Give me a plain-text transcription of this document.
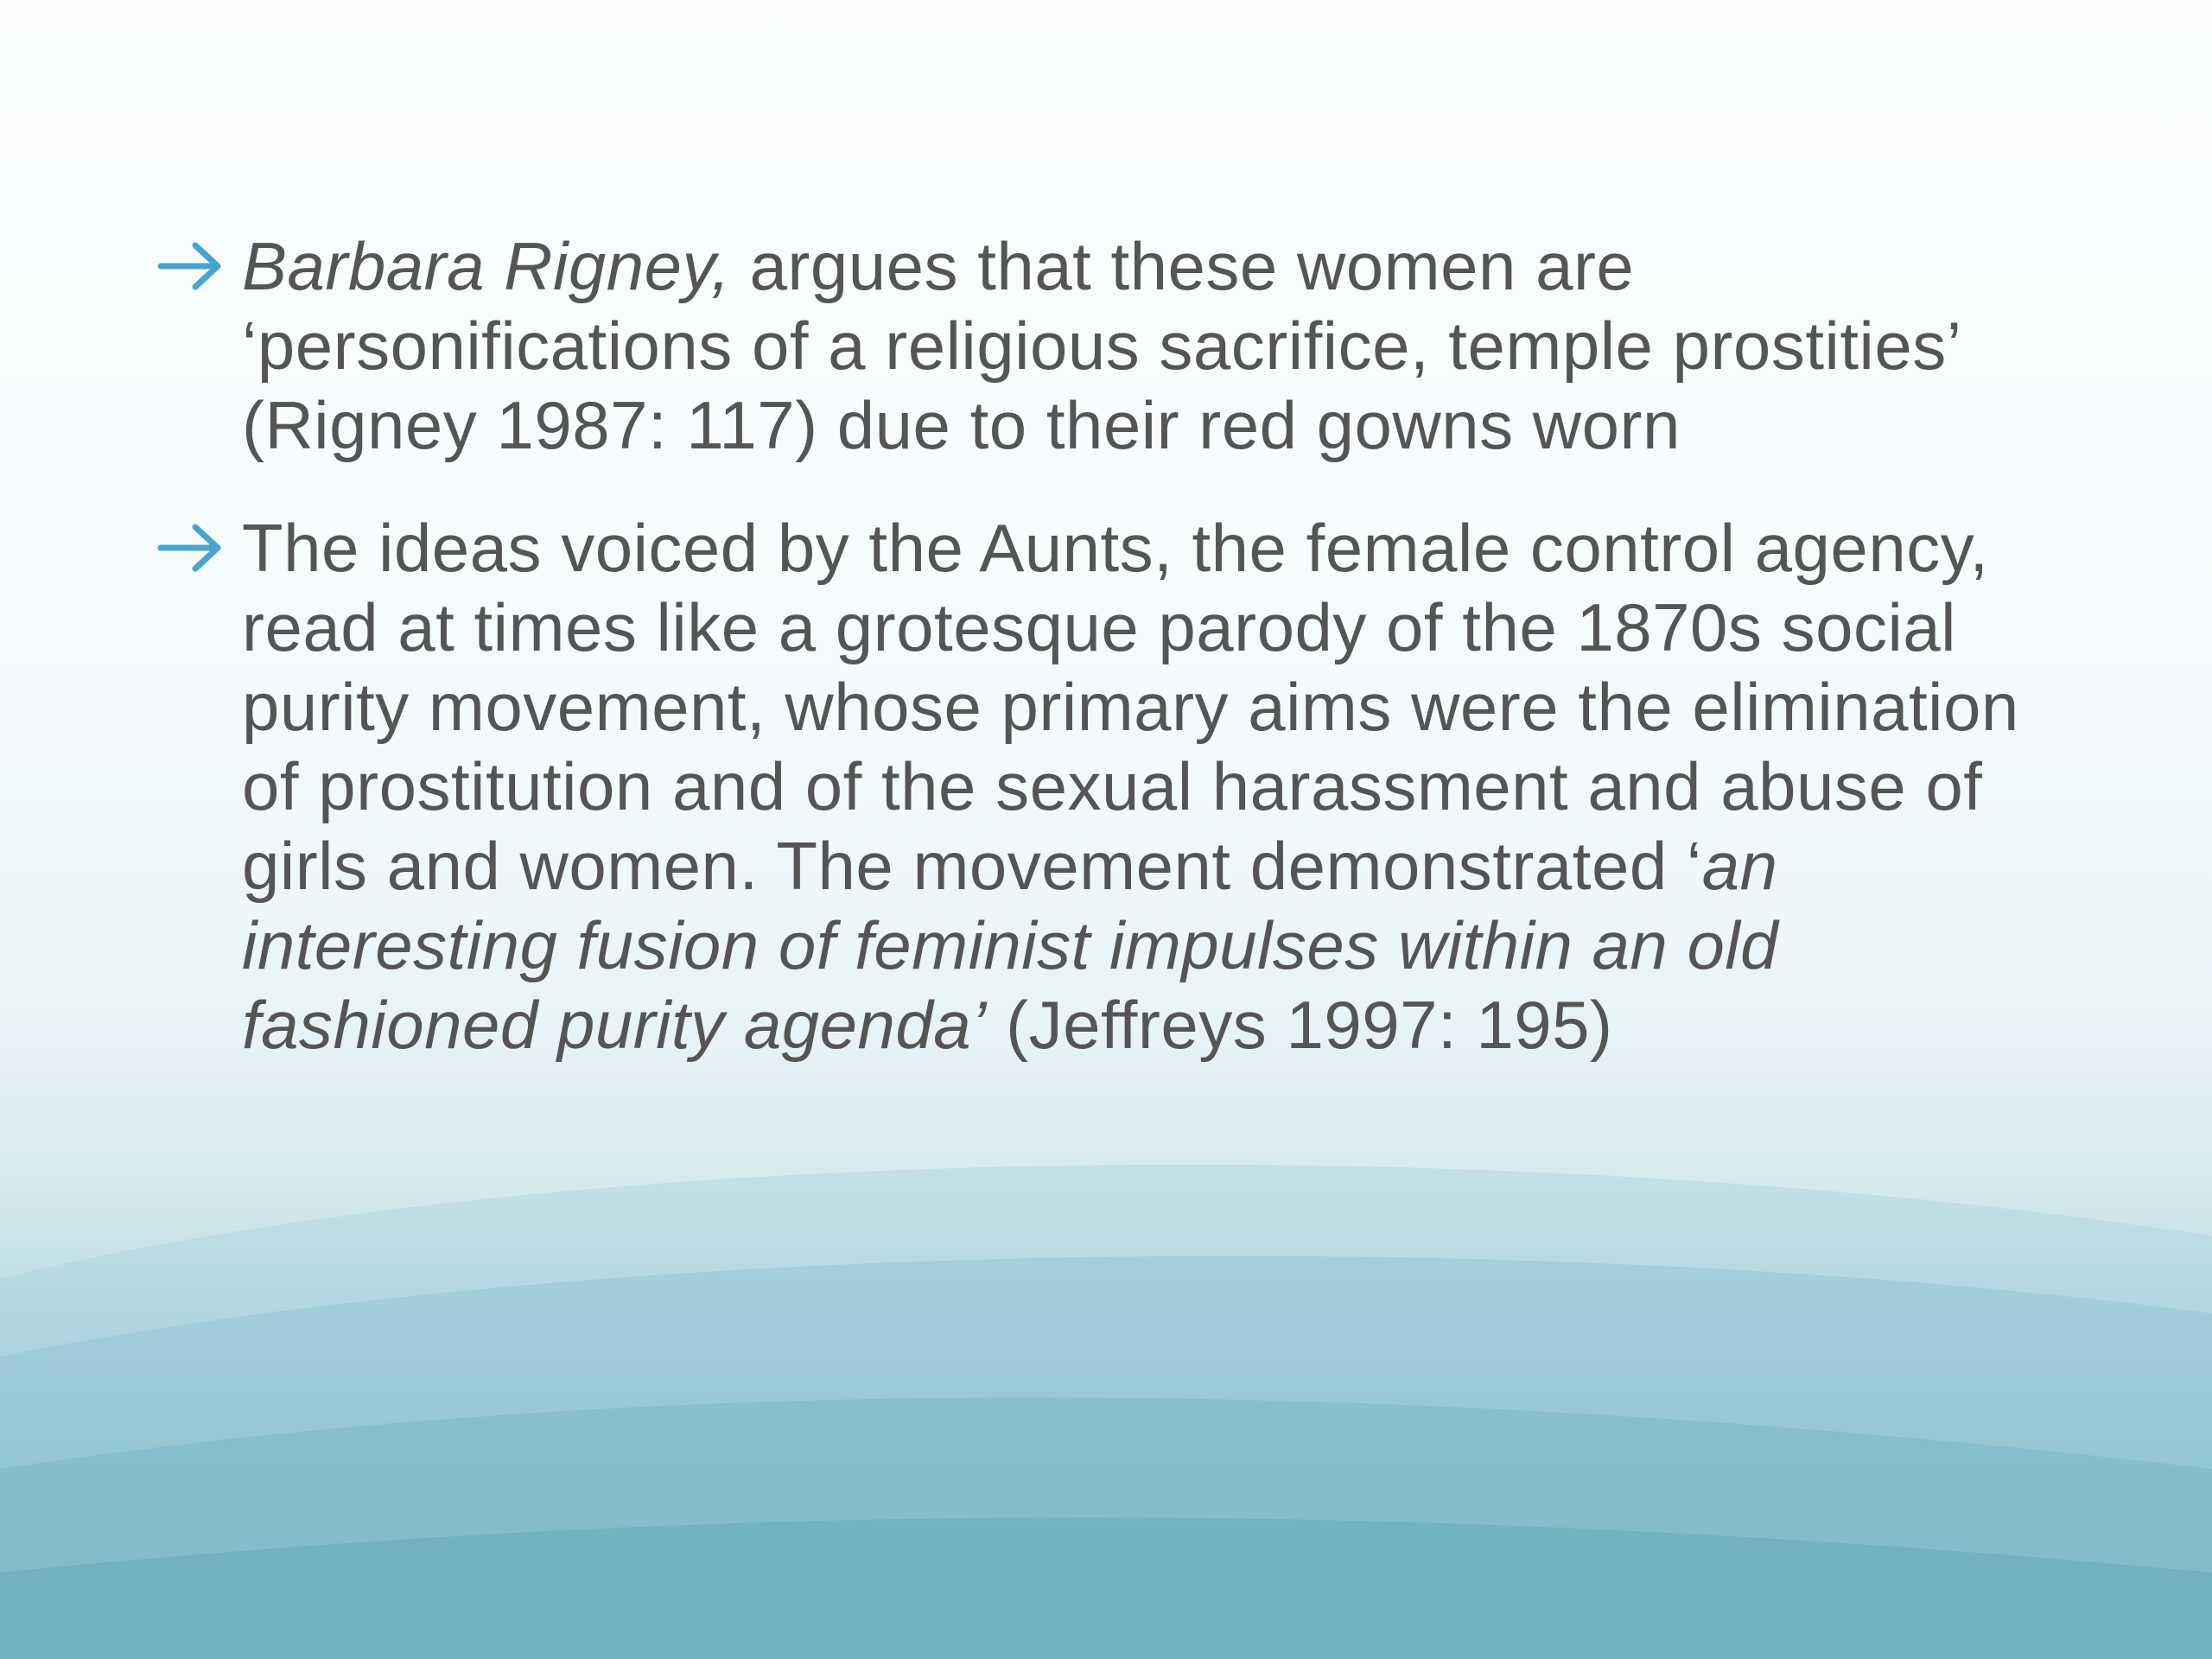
Barbara Rigney, argues that these women are ‘personifications of a religious sacrifice, temple prostities’ (Rigney 1987: 117) due to their red gowns worn
The ideas voiced by the Aunts, the female control agency, read at times like a grotesque parody of the 1870s social purity movement, whose primary aims were the elimination of prostitution and of the sexual harassment and abuse of girls and women. The movement demonstrated ‘an interesting fusion of feminist impulses within an old fashioned purity agenda’ (Jeffreys 1997: 195)
